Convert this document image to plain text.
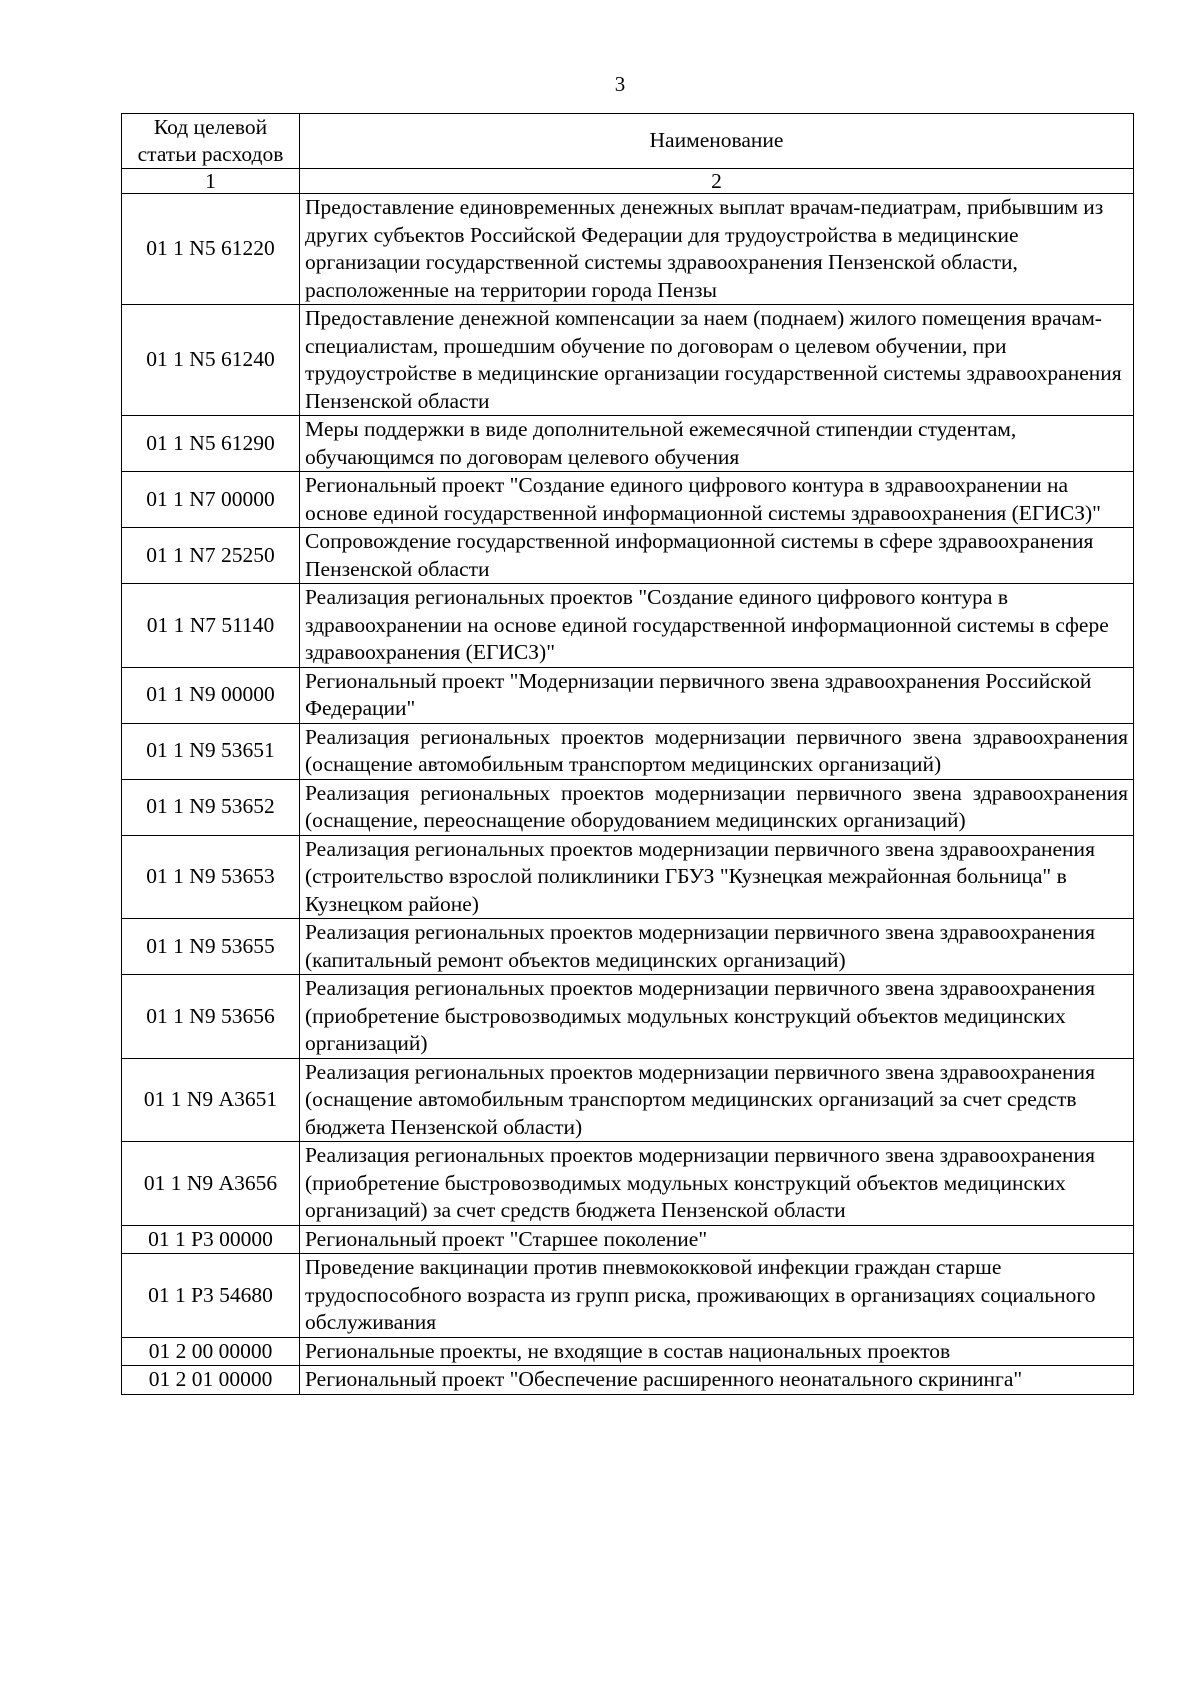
3
Код целевой статьи расходов	Наименование
1	2
01 1 N5 61220	Предоставление единовременных денежных выплат врачам-педиатрам, прибывшим из других субъектов Российской Федерации для трудоустройства в медицинские организации государственной системы здравоохранения Пензенской области, расположенные на территории города Пензы
01 1 N5 61240	Предоставление денежной компенсации за наем (поднаем) жилого помещения врачам-специалистам, прошедшим обучение по договорам о целевом обучении, при трудоустройстве в медицинские организации государственной системы здравоохранения Пензенской области
01 1 N5 61290	Меры поддержки в виде дополнительной ежемесячной стипендии студентам, обучающимся по договорам целевого обучения
01 1 N7 00000	Региональный проект "Создание единого цифрового контура в здравоохранении на основе единой государственной информационной системы здравоохранения (ЕГИСЗ)"
01 1 N7 25250	Сопровождение государственной информационной системы в сфере здравоохранения Пензенской области
01 1 N7 51140	Реализация региональных проектов "Создание единого цифрового контура в здравоохранении на основе единой государственной информационной системы в сфере здравоохранения (ЕГИСЗ)"
01 1 N9 00000	Региональный проект "Модернизации первичного звена здравоохранения Российской Федерации"
01 1 N9 53651	Реализация региональных проектов модернизации первичного звена здравоохранения (оснащение автомобильным транспортом медицинских организаций)
01 1 N9 53652	Реализация региональных проектов модернизации первичного звена здравоохранения (оснащение, переоснащение оборудованием медицинских организаций)
01 1 N9 53653	Реализация региональных проектов модернизации первичного звена здравоохранения (строительство взрослой поликлиники ГБУЗ "Кузнецкая межрайонная больница" в Кузнецком районе)
01 1 N9 53655	Реализация региональных проектов модернизации первичного звена здравоохранения (капитальный ремонт объектов медицинских организаций)
01 1 N9 53656	Реализация региональных проектов модернизации первичного звена здравоохранения (приобретение быстровозводимых модульных конструкций объектов медицинских организаций)
01 1 N9 А3651	Реализация региональных проектов модернизации первичного звена здравоохранения (оснащение автомобильным транспортом медицинских организаций за счет средств бюджета Пензенской области)
01 1 N9 А3656	Реализация региональных проектов модернизации первичного звена здравоохранения (приобретение быстровозводимых модульных конструкций объектов медицинских организаций) за счет средств бюджета Пензенской области
01 1 P3 00000	Региональный проект "Старшее поколение"
01 1 P3 54680	Проведение вакцинации против пневмококковой инфекции граждан старше трудоспособного возраста из групп риска, проживающих в организациях социального обслуживания
01 2 00 00000	Региональные проекты, не входящие в состав национальных проектов
01 2 01 00000	Региональный проект "Обеспечение расширенного неонатального скрининга"
